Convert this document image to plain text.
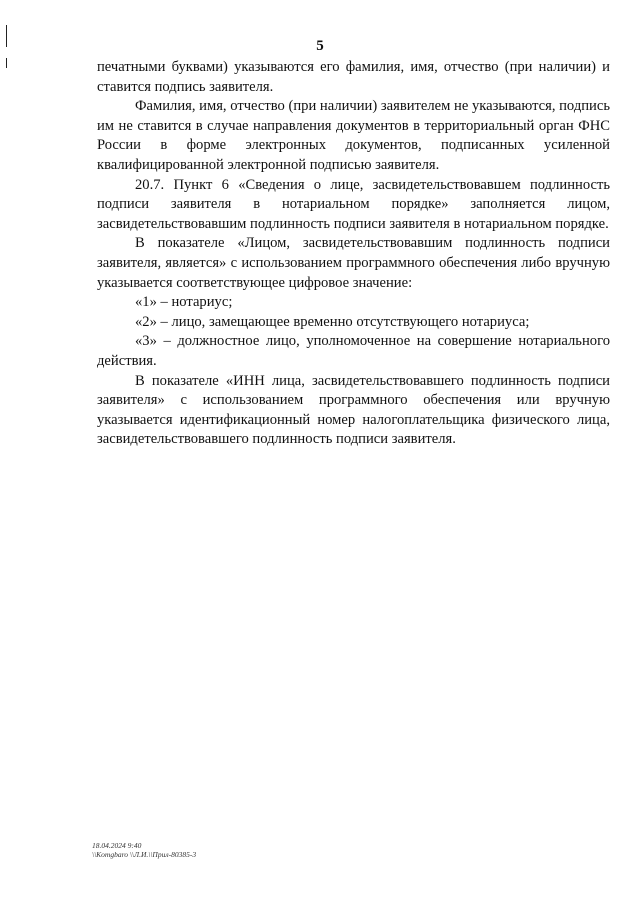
5

печатными буквами) указываются его фамилия, имя, отчество (при наличии) и ставится подпись заявителя.

Фамилия, имя, отчество (при наличии) заявителем не указываются, подпись им не ставится в случае направления документов в территориальный орган ФНС России в форме электронных документов, подписанных усиленной квалифицированной электронной подписью заявителя.

20.7. Пункт 6 «Сведения о лице, засвидетельствовавшем подлинность подписи заявителя в нотариальном порядке» заполняется лицом, засвидетельствовавшим подлинность подписи заявителя в нотариальном порядке.

В показателе «Лицом, засвидетельствовавшим подлинность подписи заявителя, является» с использованием программного обеспечения либо вручную указывается соответствующее цифровое значение:

«1» – нотариус;

«2» – лицо, замещающее временно отсутствующего нотариуса;

«3» – должностное лицо, уполномоченное на совершение нотариального действия.

В показателе «ИНН лица, засвидетельствовавшего подлинность подписи заявителя» с использованием программного обеспечения или вручную указывается идентификационный номер налогоплательщика физического лица, засвидетельствовавшего подлинность подписи заявителя.

18.04.2024 9:40
\\Komgbaro \\Л.И.\\Прил-80385-3
